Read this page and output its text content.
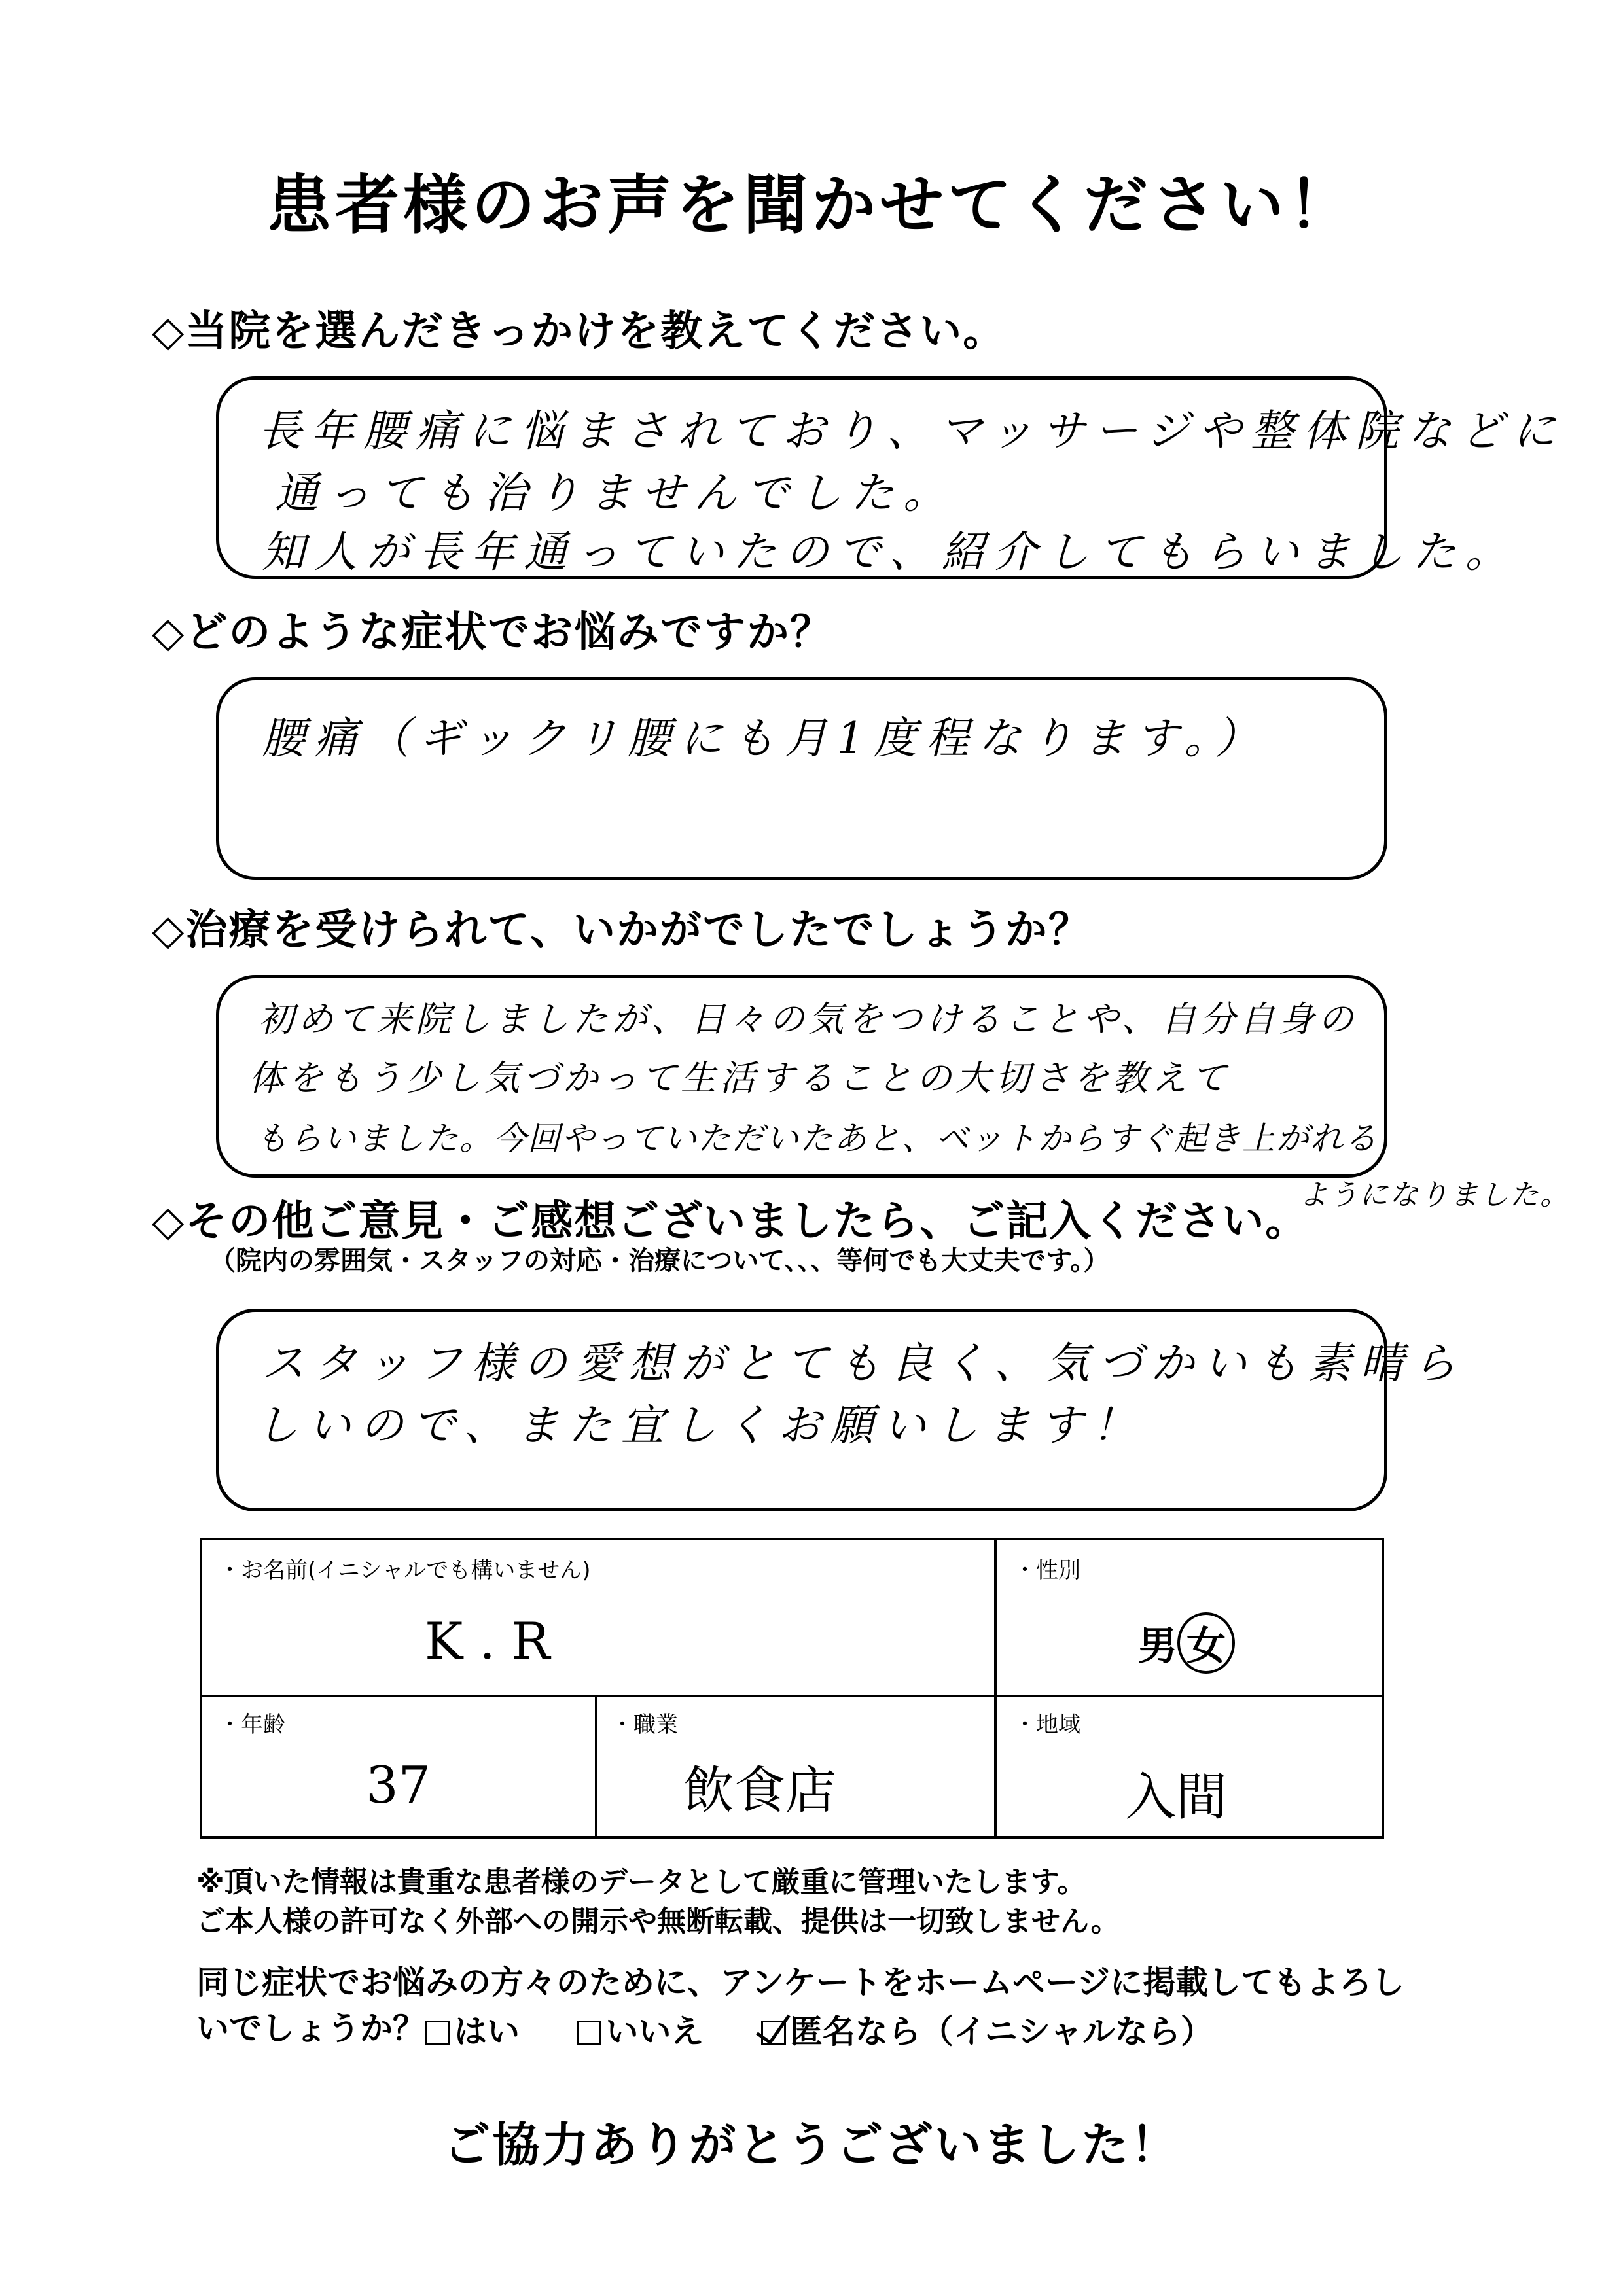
患者様のお声を聞かせてください！
◇当院を選んだきっかけを教えてください。
長年腰痛に悩まされており、マッサージや整体院などに
通っても治りませんでした。
知人が長年通っていたので、紹介してもらいました。
◇どのような症状でお悩みですか？
腰痛（ギックリ腰にも月1度程なります。）
◇治療を受けられて、いかがでしたでしょうか？
初めて来院しましたが、日々の気をつけることや、自分自身の
体をもう少し気づかって生活することの大切さを教えて
もらいました。今回やっていただいたあと、ベットからすぐ起き上がれる
ようになりました。
◇その他ご意見・ご感想ございましたら、ご記入ください。
（院内の雰囲気・スタッフの対応・治療について、、、等何でも大丈夫です。）
スタッフ様の愛想がとても良く、気づかいも素晴ら
しいので、また宜しくお願いします！
・お名前(イニシャルでも構いません)
K . R
・性別
男 女
・年齢
37
・職業
飲食店
・地域
入間
※頂いた情報は貴重な患者様のデータとして厳重に管理いたします。
ご本人様の許可なく外部への開示や無断転載、提供は一切致しません。
同じ症状でお悩みの方々のために、アンケートをホームページに掲載してもよろし
いでしょうか？ はい	いいえ	匿名なら（イニシャルなら）
ご協力ありがとうございました！
